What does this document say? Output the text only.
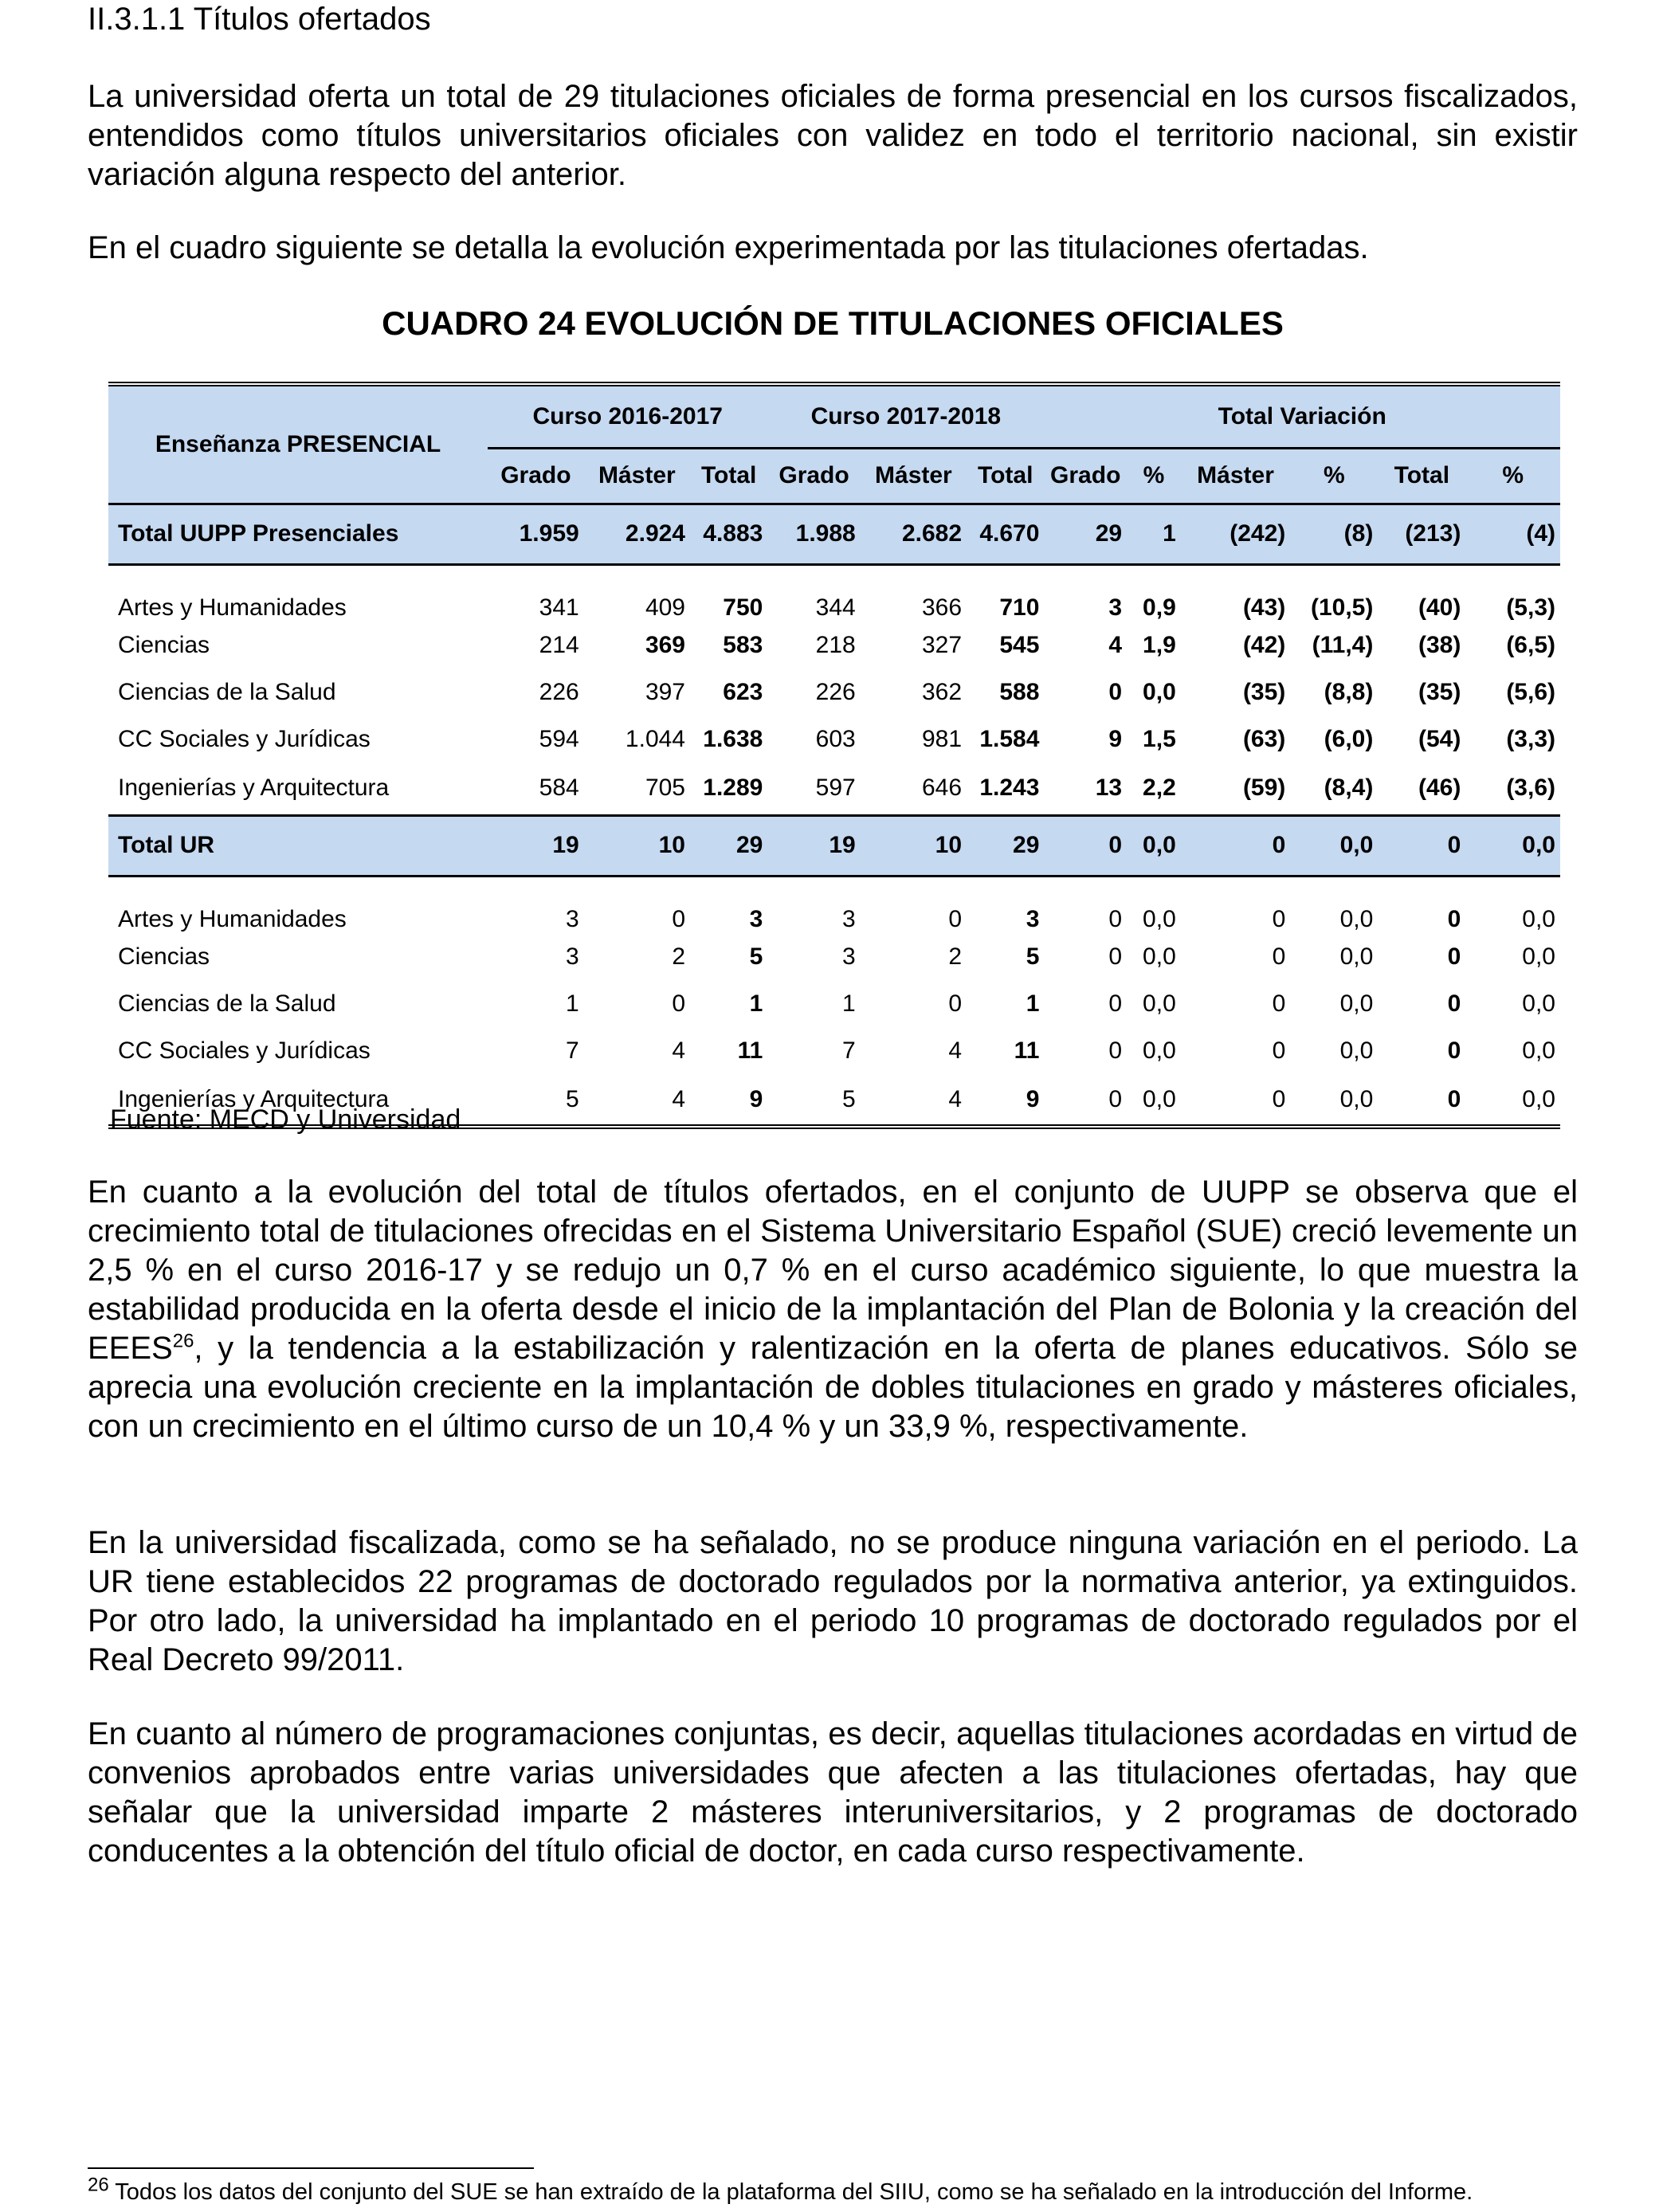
II.3.1.1 Títulos ofertados
La universidad oferta un total de 29 titulaciones oficiales de forma presencial en los cursos fiscalizados, entendidos como títulos universitarios oficiales con validez en todo el territorio nacional, sin existir variación alguna respecto del anterior.
En el cuadro siguiente se detalla la evolución experimentada por las titulaciones ofertadas.
CUADRO 24 EVOLUCIÓN DE TITULACIONES OFICIALES
Enseñanza PRESENCIAL	Curso 2016-2017			Curso 2017-2018			Total Variación					
	Grado	Máster	Total	Grado	Máster	Total	Grado	%	Máster	%	Total	%
Total UUPP Presenciales	1.959	2.924	4.883	1.988	2.682	4.670	29	1	(242)	(8)	(213)	(4)
Artes y Humanidades	341	409	750	344	366	710	3	0,9	(43)	(10,5)	(40)	(5,3)
Ciencias	214	369	583	218	327	545	4	1,9	(42)	(11,4)	(38)	(6,5)
Ciencias de la Salud	226	397	623	226	362	588	0	0,0	(35)	(8,8)	(35)	(5,6)
CC Sociales y Jurídicas	594	1.044	1.638	603	981	1.584	9	1,5	(63)	(6,0)	(54)	(3,3)
Ingenierías y Arquitectura	584	705	1.289	597	646	1.243	13	2,2	(59)	(8,4)	(46)	(3,6)
Total UR	19	10	29	19	10	29	0	0,0	0	0,0	0	0,0
Artes y Humanidades	3	0	3	3	0	3	0	0,0	0	0,0	0	0,0
Ciencias	3	2	5	3	2	5	0	0,0	0	0,0	0	0,0
Ciencias de la Salud	1	0	1	1	0	1	0	0,0	0	0,0	0	0,0
CC Sociales y Jurídicas	7	4	11	7	4	11	0	0,0	0	0,0	0	0,0
Ingenierías y Arquitectura	5	4	9	5	4	9	0	0,0	0	0,0	0	0,0
Fuente: MECD y Universidad
En cuanto a la evolución del total de títulos ofertados, en el conjunto de UUPP se observa que el crecimiento total de titulaciones ofrecidas en el Sistema Universitario Español (SUE) creció levemente un 2,5 % en el curso 2016-17 y se redujo un 0,7 % en el curso académico siguiente, lo que muestra la estabilidad producida en la oferta desde el inicio de la implantación del Plan de Bolonia y la creación del EEES$^{26}$, y la tendencia a la estabilización y ralentización en la oferta de planes educativos. Sólo se aprecia una evolución creciente en la implantación de dobles titulaciones en grado y másteres oficiales, con un crecimiento en el último curso de un 10,4 % y un 33,9 %, respectivamente.
En la universidad fiscalizada, como se ha señalado, no se produce ninguna variación en el periodo. La UR tiene establecidos 22 programas de doctorado regulados por la normativa anterior, ya extinguidos. Por otro lado, la universidad ha implantado en el periodo 10 programas de doctorado regulados por el Real Decreto 99/2011.
En cuanto al número de programaciones conjuntas, es decir, aquellas titulaciones acordadas en virtud de convenios aprobados entre varias universidades que afecten a las titulaciones ofertadas, hay que señalar que la universidad imparte 2 másteres interuniversitarios, y 2 programas de doctorado conducentes a la obtención del título oficial de doctor, en cada curso respectivamente.
$^{26}$ Todos los datos del conjunto del SUE se han extraído de la plataforma del SIIU, como se ha señalado en la introducción del Informe.
